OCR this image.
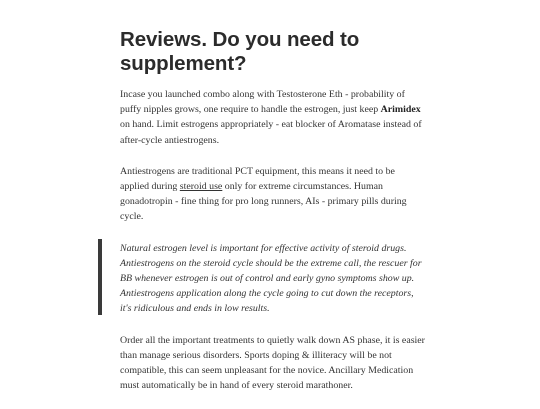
Reviews. Do you need to supplement?

Incase you launched combo along with Testosterone Eth - probability of puffy nipples grows, one require to handle the estrogen, just keep Arimidex on hand. Limit estrogens appropriately - eat blocker of Aromatase instead of after-cycle antiestrogens.

Antiestrogens are traditional PCT equipment, this means it need to be applied during steroid use only for extreme circumstances. Human gonadotropin - fine thing for pro long runners, AIs - primary pills during cycle.

Natural estrogen level is important for effective activity of steroid drugs. Antiestrogens on the steroid cycle should be the extreme call, the rescuer for BB whenever estrogen is out of control and early gyno symptoms show up. Antiestrogens application along the cycle going to cut down the receptors, it's ridiculous and ends in low results.

Order all the important treatments to quietly walk down AS phase, it is easier than manage serious disorders. Sports doping & illiteracy will be not compatible, this can seem unpleasant for the novice. Ancillary Medication must automatically be in hand of every steroid marathoner.
